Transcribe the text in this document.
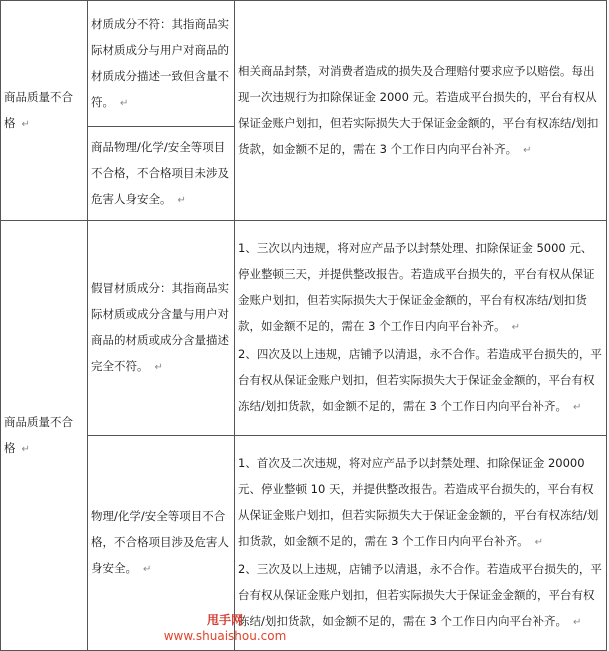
商品质量不合格 ↵	材质成分不符：其指商品实际材质成分与用户对商品的材质成分描述一致但含量不符。 ↵	相关商品封禁，对消费者造成的损失及合理赔付要求应予以赔偿。每出现一次违规行为扣除保证金 2000 元。若造成平台损失的，平台有权从保证金账户划扣，但若实际损失大于保证金金额的，平台有权冻结/划扣货款，如金额不足的，需在 3 个工作日内向平台补齐。 ↵
	商品物理/化学/安全等项目不合格，不合格项目未涉及危害人身安全。 ↵	
商品质量不合格 ↵	假冒材质成分：其指商品实际材质或成分含量与用户对商品的材质或成分含量描述完全不符。 ↵	1、三次以内违规，将对应产品予以封禁处理、扣除保证金 5000 元、停业整顿三天，并提供整改报告。若造成平台损失的，平台有权从保证金账户划扣，但若实际损失大于保证金金额的，平台有权冻结/划扣货款，如金额不足的，需在 3 个工作日内向平台补齐。 ↵
2、四次及以上违规，店铺予以清退，永不合作。若造成平台损失的，平台有权从保证金账户划扣，但若实际损失大于保证金金额的，平台有权冻结/划扣货款，如金额不足的，需在 3 个工作日内向平台补齐。 ↵

	物理/化学/安全等项目不合格，不合格项目涉及危害人身安全。 ↵	1、首次及二次违规，将对应产品予以封禁处理、扣除保证金 20000 元、停业整顿 10 天，并提供整改报告。若造成平台损失的，平台有权从保证金账户划扣，但若实际损失大于保证金金额的，平台有权冻结/划扣货款，如金额不足的，需在 3 个工作日内向平台补齐。 ↵
2、三次及以上违规，店铺予以清退，永不合作。若造成平台损失的，平台有权从保证金账户划扣，但若实际损失大于保证金金额的，平台有权冻结/划扣货款，如金额不足的，需在 3 个工作日内向平台补齐。 ↵
甩手网
www.shuaishou.com
